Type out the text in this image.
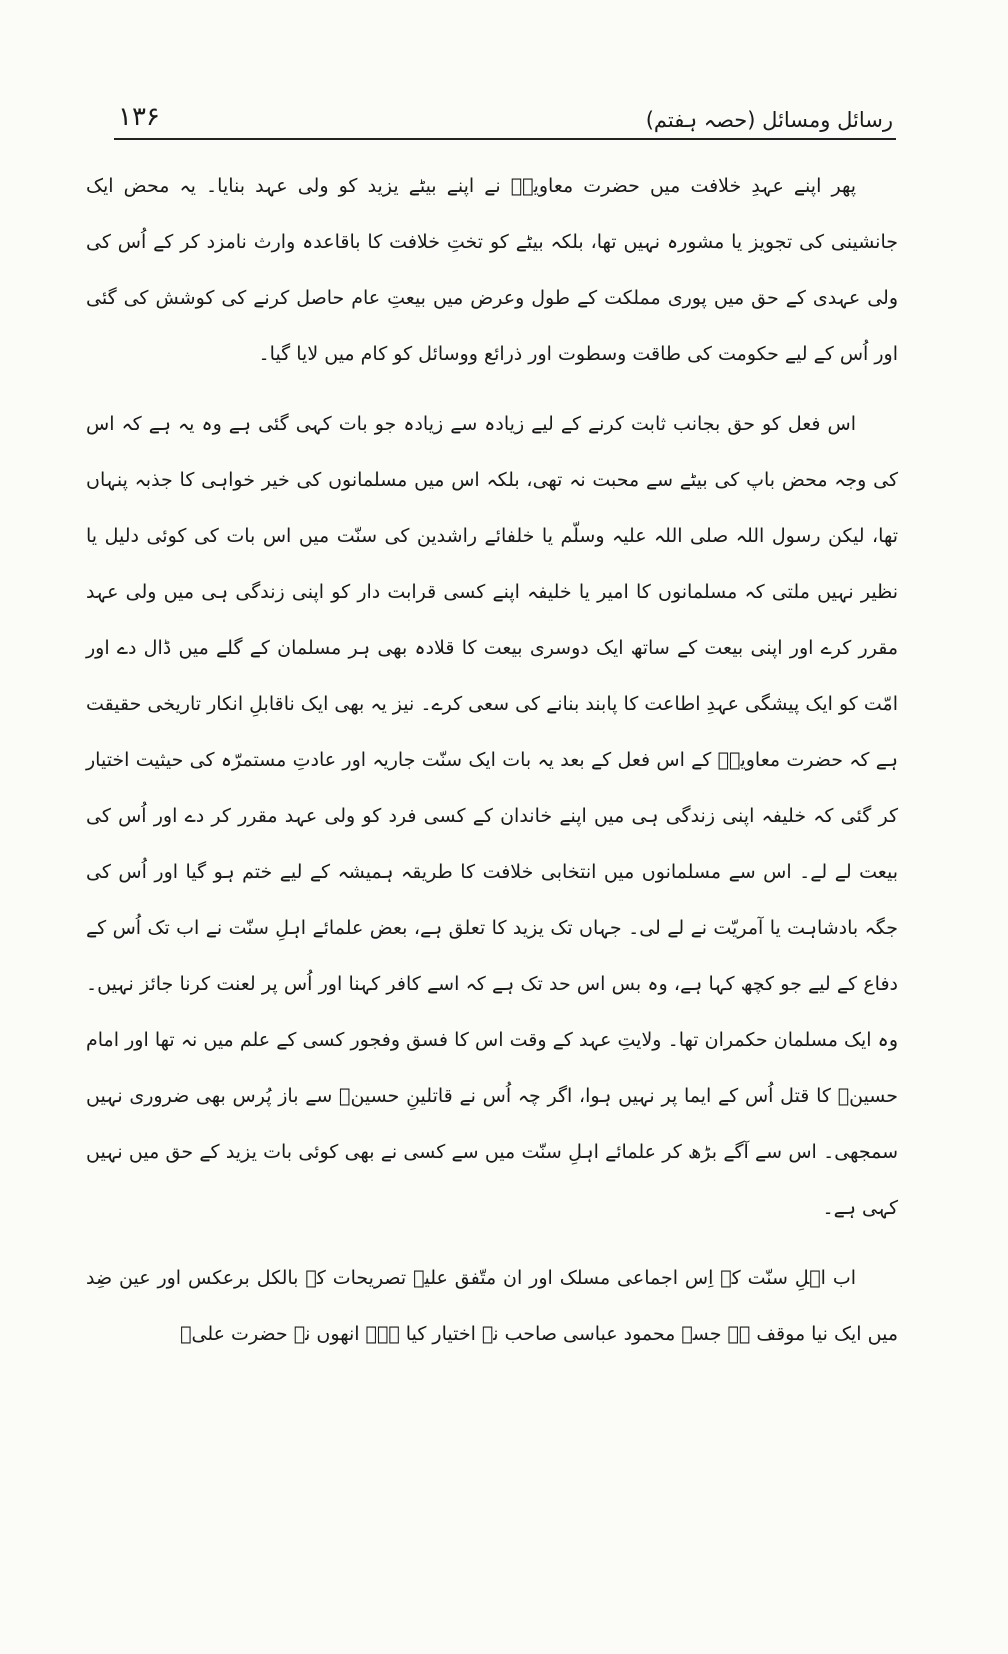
۱۳۶	رسائل ومسائل (حصہ ہفتم)

پھر اپنے عہدِ خلافت میں حضرت معاویہؓ نے اپنے بیٹے یزید کو ولی عہد بنایا۔ یہ محض ایک جانشینی کی تجویز یا مشورہ نہیں تھا، بلکہ بیٹے کو تختِ خلافت کا باقاعدہ وارث نامزد کر کے اُس کی ولی عہدی کے حق میں پوری مملکت کے طول وعرض میں بیعتِ عام حاصل کرنے کی کوشش کی گئی اور اُس کے لیے حکومت کی طاقت وسطوت اور ذرائع ووسائل کو کام میں لایا گیا۔

اس فعل کو حق بجانب ثابت کرنے کے لیے زیادہ سے زیادہ جو بات کہی گئی ہے وہ یہ ہے کہ اس کی وجہ محض باپ کی بیٹے سے محبت نہ تھی، بلکہ اس میں مسلمانوں کی خیر خواہی کا جذبہ پنہاں تھا، لیکن رسول اللہ صلی اللہ علیہ وسلّم یا خلفائے راشدین کی سنّت میں اس بات کی کوئی دلیل یا نظیر نہیں ملتی کہ مسلمانوں کا امیر یا خلیفہ اپنے کسی قرابت دار کو اپنی زندگی ہی میں ولی عہد مقرر کرے اور اپنی بیعت کے ساتھ ایک دوسری بیعت کا قلادہ بھی ہر مسلمان کے گلے میں ڈال دے اور امّت کو ایک پیشگی عہدِ اطاعت کا پابند بنانے کی سعی کرے۔ نیز یہ بھی ایک ناقابلِ انکار تاریخی حقیقت ہے کہ حضرت معاویہؓ کے اس فعل کے بعد یہ بات ایک سنّت جاریہ اور عادتِ مستمرّہ کی حیثیت اختیار کر گئی کہ خلیفہ اپنی زندگی ہی میں اپنے خاندان کے کسی فرد کو ولی عہد مقرر کر دے اور اُس کی بیعت لے لے۔ اس سے مسلمانوں میں انتخابی خلافت کا طریقہ ہمیشہ کے لیے ختم ہو گیا اور اُس کی جگہ بادشاہت یا آمریّت نے لے لی۔ جہاں تک یزید کا تعلق ہے، بعض علمائے اہلِ سنّت نے اب تک اُس کے دفاع کے لیے جو کچھ کہا ہے، وہ بس اس حد تک ہے کہ اسے کافر کہنا اور اُس پر لعنت کرنا جائز نہیں۔ وہ ایک مسلمان حکمران تھا۔ ولایتِ عہد کے وقت اس کا فسق وفجور کسی کے علم میں نہ تھا اور امام حسینؓ کا قتل اُس کے ایما پر نہیں ہوا، اگر چہ اُس نے قاتلینِ حسینؓ سے باز پُرس بھی ضروری نہیں سمجھی۔ اس سے آگے بڑھ کر علمائے اہلِ سنّت میں سے کسی نے بھی کوئی بات یزید کے حق میں نہیں کہی ہے۔

اب اہلِ سنّت کے اِس اجماعی مسلک اور ان متّفق علیہ تصریحات کے بالکل برعکس اور عین ضِد میں ایک نیا موقف ہے جسے محمود عباسی صاحب نے اختیار کیا ہے۔ انھوں نے حضرت علیؓ
